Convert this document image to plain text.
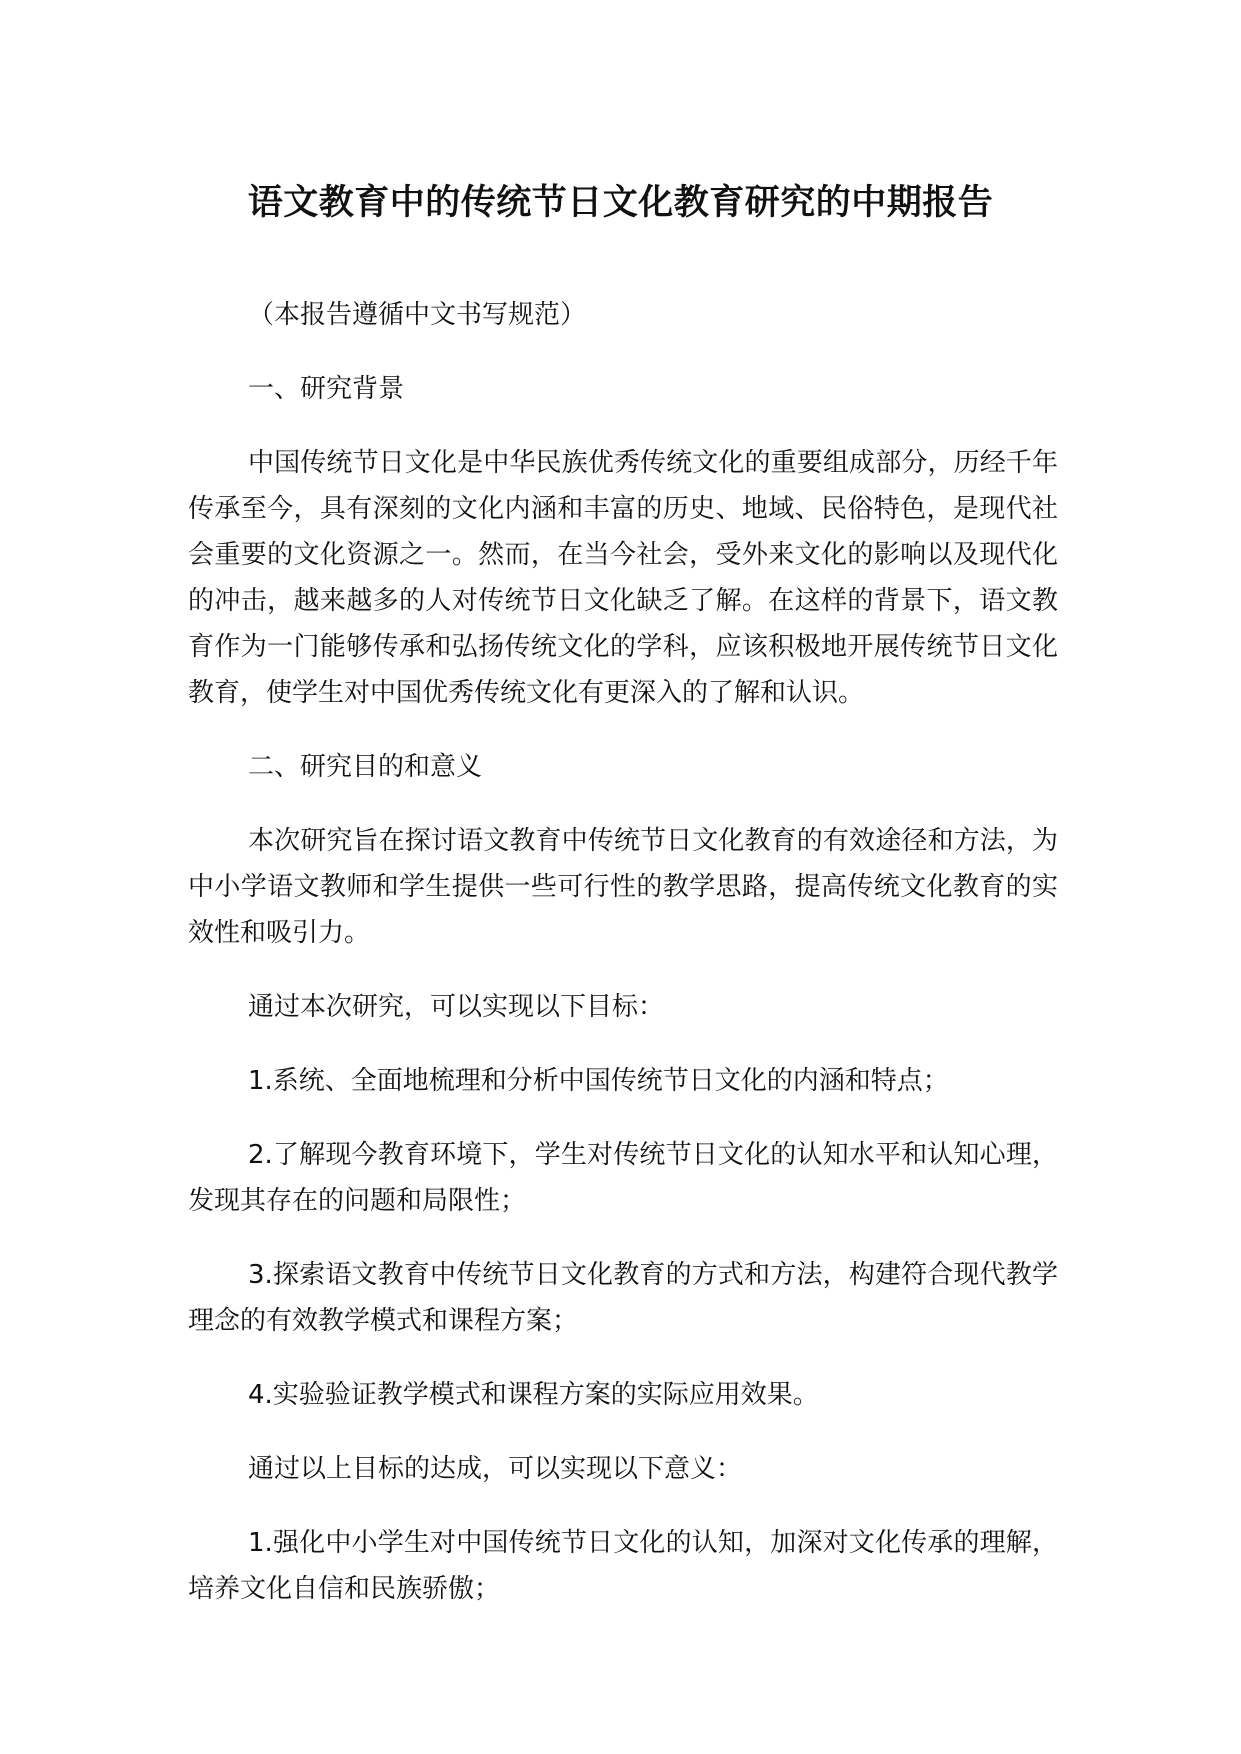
语文教育中的传统节日文化教育研究的中期报告

（本报告遵循中文书写规范）

一、研究背景

中国传统节日文化是中华民族优秀传统文化的重要组成部分，历经千年传承至今，具有深刻的文化内涵和丰富的历史、地域、民俗特色，是现代社会重要的文化资源之一。然而，在当今社会，受外来文化的影响以及现代化的冲击，越来越多的人对传统节日文化缺乏了解。在这样的背景下，语文教育作为一门能够传承和弘扬传统文化的学科，应该积极地开展传统节日文化教育，使学生对中国优秀传统文化有更深入的了解和认识。

二、研究目的和意义

本次研究旨在探讨语文教育中传统节日文化教育的有效途径和方法，为中小学语文教师和学生提供一些可行性的教学思路，提高传统文化教育的实效性和吸引力。

通过本次研究，可以实现以下目标：

1.系统、全面地梳理和分析中国传统节日文化的内涵和特点；

2.了解现今教育环境下，学生对传统节日文化的认知水平和认知心理，发现其存在的问题和局限性；

3.探索语文教育中传统节日文化教育的方式和方法，构建符合现代教学理念的有效教学模式和课程方案；

4.实验验证教学模式和课程方案的实际应用效果。

通过以上目标的达成，可以实现以下意义：

1.强化中小学生对中国传统节日文化的认知，加深对文化传承的理解，培养文化自信和民族骄傲；
